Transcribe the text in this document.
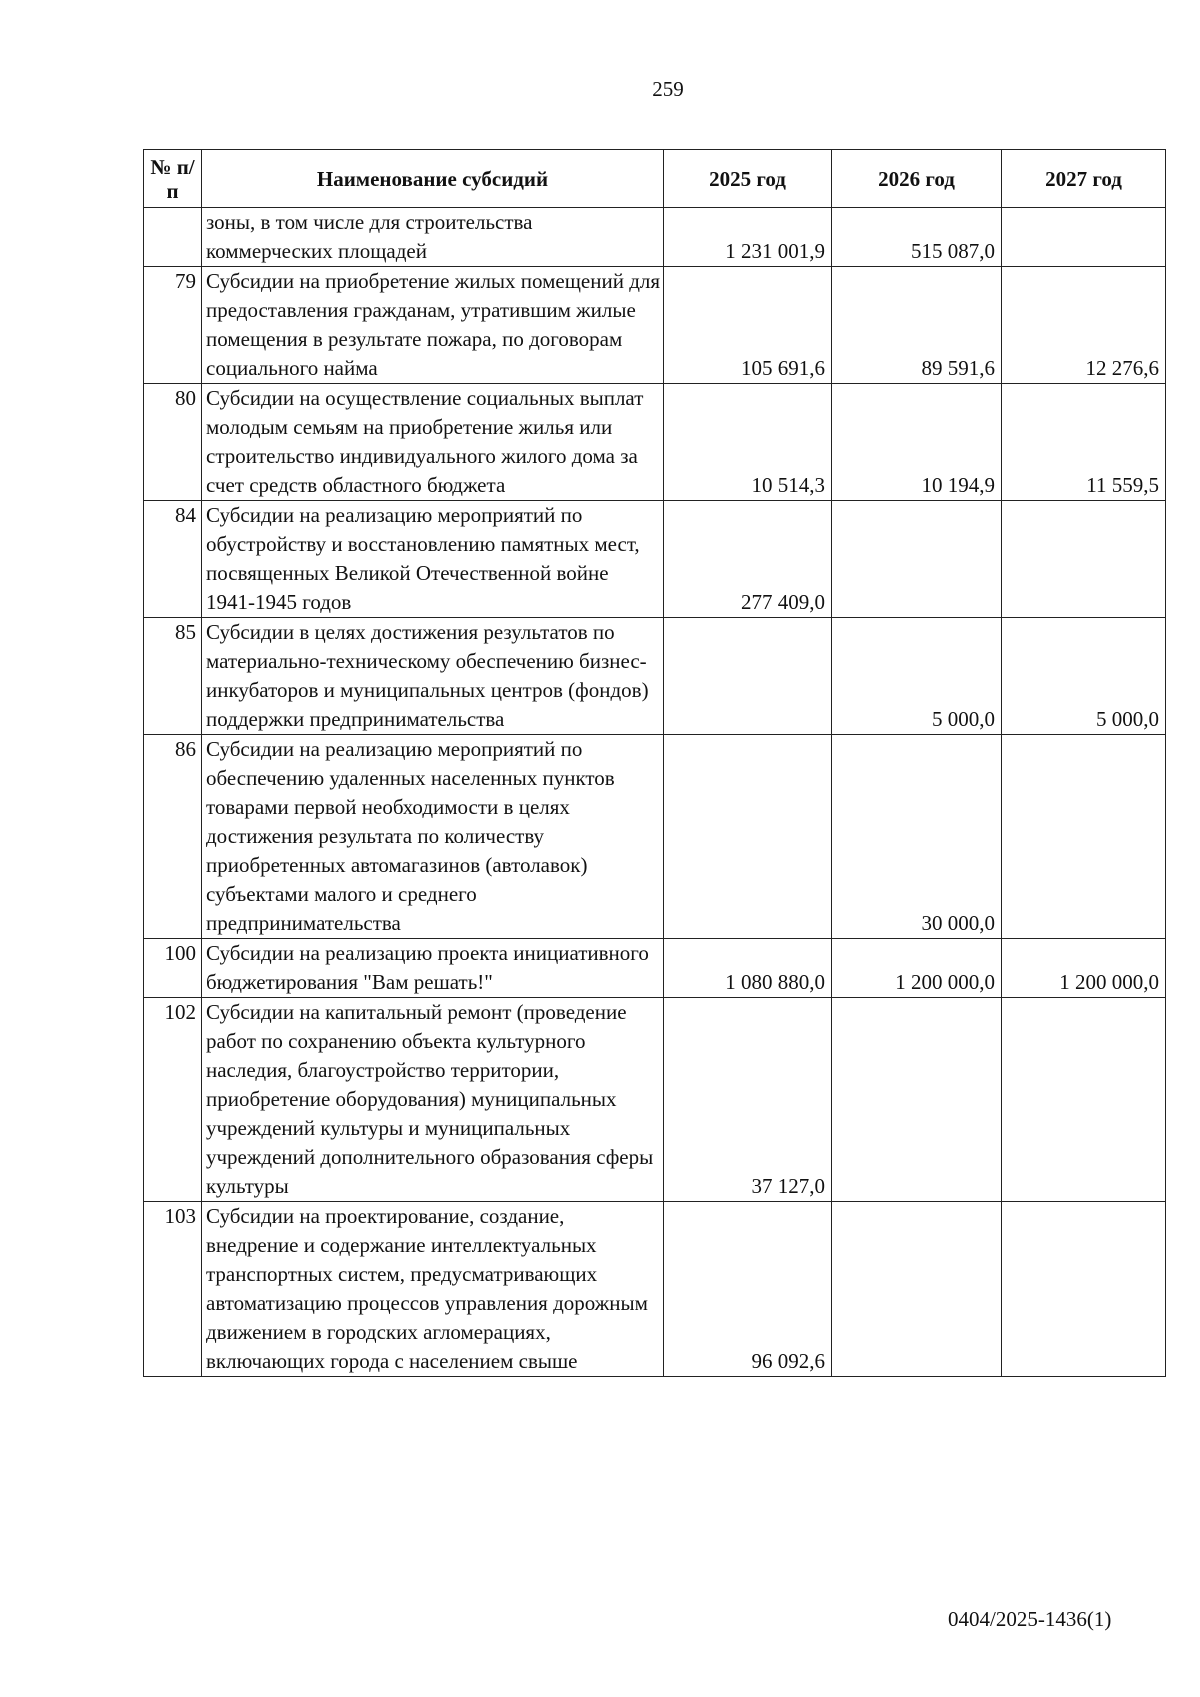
259
№ п/п	Наименование субсидий	2025 год	2026 год	2027 год
	зоны, в том числе для строительства коммерческих площадей	1 231 001,9	515 087,0	
79	Субсидии на приобретение жилых помещений для предоставления гражданам, утратившим жилые помещения в результате пожара, по договорам социального найма	105 691,6	89 591,6	12 276,6
80	Субсидии на осуществление социальных выплат молодым семьям на приобретение жилья или строительство индивидуального жилого дома за счет средств областного бюджета	10 514,3	10 194,9	11 559,5
84	Субсидии на реализацию мероприятий по обустройству и восстановлению памятных мест, посвященных Великой Отечественной войне 1941-1945 годов	277 409,0		
85	Субсидии в целях достижения результатов по материально-техническому обеспечению бизнес-инкубаторов и муниципальных центров (фондов) поддержки предпринимательства		5 000,0	5 000,0
86	Субсидии на реализацию мероприятий по обеспечению удаленных населенных пунктов товарами первой необходимости в целях достижения результата по количеству приобретенных автомагазинов (автолавок) субъектами малого и среднего предпринимательства		30 000,0	
100	Субсидии на реализацию проекта инициативного бюджетирования "Вам решать!"	1 080 880,0	1 200 000,0	1 200 000,0
102	Субсидии на капитальный ремонт (проведение работ по сохранению объекта культурного наследия, благоустройство территории, приобретение оборудования) муниципальных учреждений культуры и муниципальных учреждений дополнительного образования сферы культуры	37 127,0		
103	Субсидии на проектирование, создание, внедрение и содержание интеллектуальных транспортных систем, предусматривающих автоматизацию процессов управления дорожным движением в городских агломерациях, включающих города с населением свыше	96 092,6		
0404/2025-1436(1)
